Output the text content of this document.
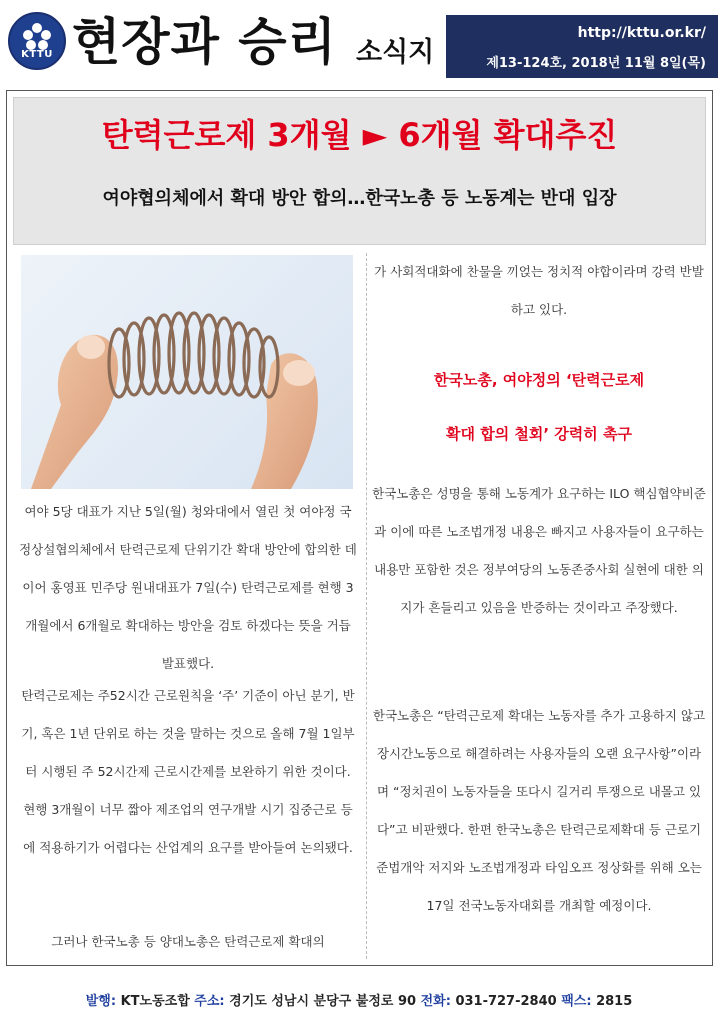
KTTU 현장과 승리 소식지
http://kttu.or.kr/
제13-124호, 2018년 11월 8일(목)
탄력근로제 3개월 ► 6개월 확대추진
여야협의체에서 확대 방안 합의…한국노총 등 노동계는 반대 입장

여야 5당 대표가 지난 5일(월) 청와대에서 열린 첫 여야정 국정상설협의체에서 탄력근로제 단위기간 확대 방안에 합의한 데 이어 홍영표 민주당 원내대표가 7일(수) 탄력근로제를 현행 3개월에서 6개월로 확대하는 방안을 검토 하겠다는 뜻을 거듭 발표했다.

탄력근로제는 주52시간 근로원칙을 ‘주’ 기준이 아닌 분기, 반기, 혹은 1년 단위로 하는 것을 말하는 것으로 올해 7월 1일부터 시행된 주 52시간제 근로시간제를 보완하기 위한 것이다. 현행 3개월이 너무 짧아 제조업의 연구개발 시기 집중근로 등에 적용하기가 어렵다는 산업계의 요구를 받아들여 논의됐다.

그러나 한국노총 등 양대노총은 탄력근로제 확대의

가 사회적대화에 찬물을 끼얹는 정치적 야합이라며 강력 반발하고 있다.

한국노총, 여야정의 ‘탄력근로제
확대 합의 철회’ 강력히 촉구

한국노총은 성명을 통해 노동계가 요구하는 ILO 핵심협약비준과 이에 따른 노조법개정 내용은 빠지고 사용자들이 요구하는 내용만 포함한 것은 정부여당의 노동존중사회 실현에 대한 의지가 흔들리고 있음을 반증하는 것이라고 주장했다.

한국노총은 “탄력근로제 확대는 노동자를 추가 고용하지 않고 장시간노동으로 해결하려는 사용자들의 오랜 요구사항”이라며 “정치권이 노동자들을 또다시 길거리 투쟁으로 내몰고 있다”고 비판했다. 한편 한국노총은 탄력근로제확대 등 근로기준법개악 저지와 노조법개정과 타임오프 정상화를 위해 오는 17일 전국노동자대회를 개최할 예정이다.

발행: KT노동조합 주소: 경기도 성남시 분당구 불정로 90 전화: 031-727-2840 팩스: 2815
